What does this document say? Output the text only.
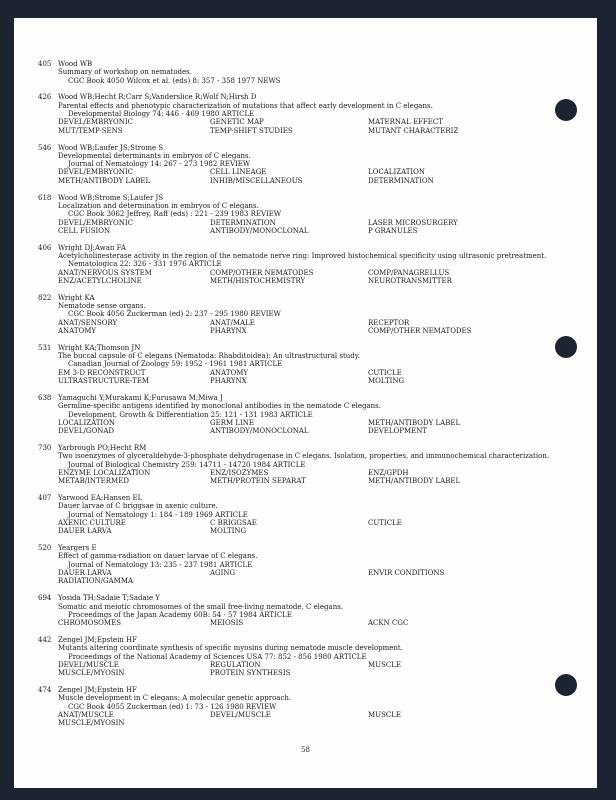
405 Wood WB
Summary of workshop on nematodes.
CGC Book 4050 Wilcox et al. (eds) 8: 357 - 358 1977 NEWS
426 Wood WB;Hecht R;Carr S;Vanderslice R;Wolf N;Hirsh D
Parental effects and phenotypic characterization of mutations that affect early development in C elegans.
Developmental Biology 74: 446 - 469 1980 ARTICLE
DEVEL/EMBRYONIC	GENETIC MAP	MATERNAL EFFECT
MUT/TEMP-SENS	TEMP-SHIFT STUDIES	MUTANT CHARACTERIZ
546 Wood WB;Laufer JS;Strome S
Developmental determinants in embryos of C elegans.
Journal of Nematology 14: 267 - 273 1982 REVIEW
DEVEL/EMBRYONIC	CELL LINEAGE	LOCALIZATION
METH/ANTIBODY LABEL	INHIB/MISCELLANEOUS	DETERMINATION
618 Wood WB;Strome S;Laufer JS
Localization and determination in embryos of C elegans.
CGC Book 3062 Jeffrey, Raff (eds) : 221 - 239 1983 REVIEW
DEVEL/EMBRYONIC	DETERMINATION	LASER MICROSURGERY
CELL FUSION	ANTIBODY/MONOCLONAL	P GRANULES
406 Wright DJ;Awan FA
Acetylcholinesterase activity in the region of the nematode nerve ring: Improved histochemical specificity using ultrasonic pretreatment.
Nematologica 22: 326 - 331 1976 ARTICLE
ANAT/NERVOUS SYSTEM	COMP/OTHER NEMATODES	COMP/PANAGRELLUS
ENZ/ACETYLCHOLINE	METH/HISTOCHEMISTRY	NEUROTRANSMITTER
822 Wright KA
Nematode sense organs.
CGC Book 4056 Zuckerman (ed) 2: 237 - 295 1980 REVIEW
ANAT/SENSORY	ANAT/MALE	RECEPTOR
ANATOMY	PHARYNX	COMP/OTHER NEMATODES
531 Wright KA;Thomson JN
The buccal capsule of C elegans (Nematoda: Rhabditoidea): An ultrastructural study.
Canadian Journal of Zoology 59: 1952 - 1961 1981 ARTICLE
EM 3-D RECONSTRUCT	ANATOMY	CUTICLE
ULTRASTRUCTURE-TEM	PHARYNX	MOLTING
638 Yamaguchi Y;Murakami K;Furusawa M;Miwa J
Germline-specific antigens identified by monoclonal antibodies in the nematode C elegans.
Development, Growth & Differentiation 25: 121 - 131 1983 ARTICLE
LOCALIZATION	GERM LINE	METH/ANTIBODY LABEL
DEVEL/GONAD	ANTIBODY/MONOCLONAL	DEVELOPMENT
730 Yarbrough PO;Hecht RM
Two isoenzymes of glyceraldehyde-3-phosphate dehydrogenase in C elegans. Isolation, properties, and immunochemical characterization.
Journal of Biological Chemistry 259: 14711 - 14720 1984 ARTICLE
ENZYME LOCALIZATION	ENZ/ISOZYMES	ENZ/GPDH
METAB/INTERMED	METH/PROTEIN SEPARAT	METH/ANTIBODY LABEL
407 Yarwood EA;Hansen EL
Dauer larvae of C briggsae in axenic culture.
Journal of Nematology 1: 184 - 189 1969 ARTICLE
AXENIC CULTURE	C BRIGGSAE	CUTICLE
DAUER LARVA	MOLTING
520 Yeargers E
Effect of gamma-radiation on dauer larvae of C elegans.
Journal of Nematology 13: 235 - 237 1981 ARTICLE
DAUER LARVA	AGING	ENVIR CONDITIONS
RADIATION/GAMMA
694 Yosida TH;Sadaie T;Sadaie Y
Somatic and meiotic chromosomes of the small free-living nematode, C elegans.
Proceedings of the Japan Academy 60B: 54 - 57 1984 ARTICLE
CHROMOSOMES	MEIOSIS	ACKN CGC
442 Zengel JM;Epstein HF
Mutants altering coordinate synthesis of specific myosins during nematode muscle development.
Proceedings of the National Academy of Sciences USA 77: 852 - 856 1980 ARTICLE
DEVEL/MUSCLE	REGULATION	MUSCLE
MUSCLE/MYOSIN	PROTEIN SYNTHESIS
474 Zengel JM;Epstein HF
Muscle development in C elegans: A molecular genetic approach.
CGC Book 4055 Zuckerman (ed) 1: 73 - 126 1980 REVIEW
ANAT/MUSCLE	DEVEL/MUSCLE	MUSCLE
MUSCLE/MYOSIN
58
